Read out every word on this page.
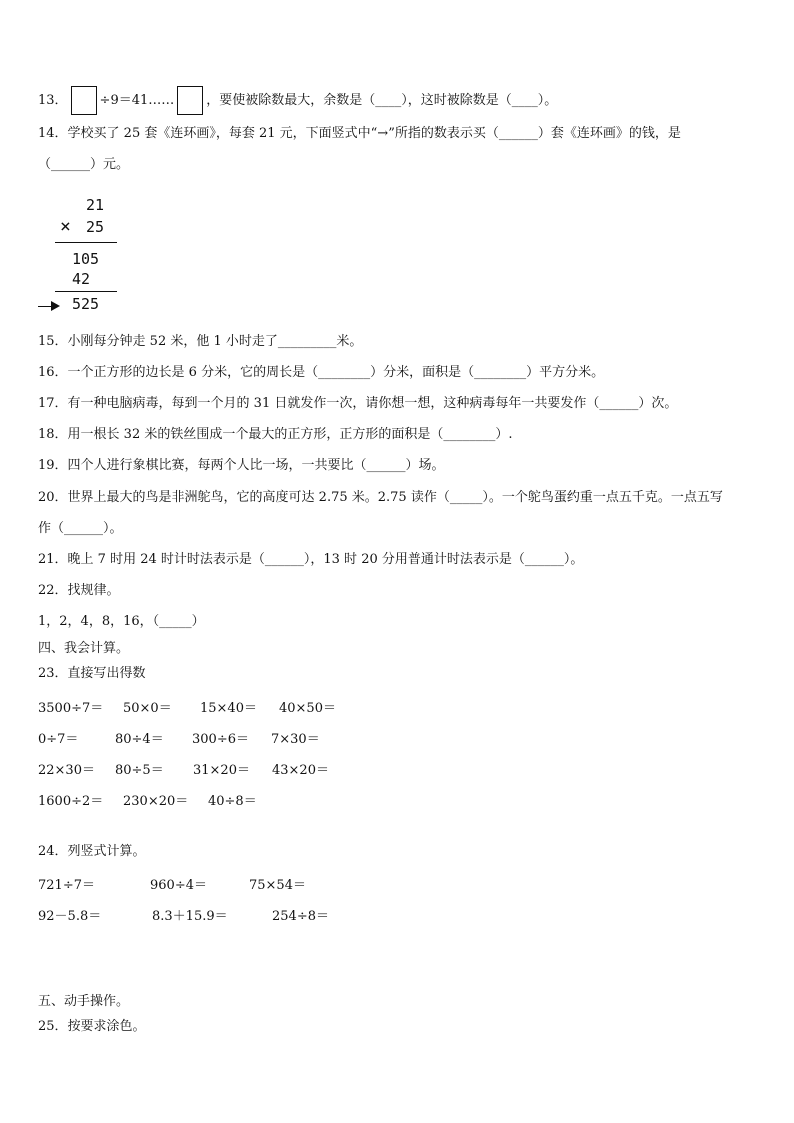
13． ÷9＝41…… ，要使被除数最大，余数是（____），这时被除数是（____）。
14．学校买了 25 套《连环画》，每套 21 元，下面竖式中“→”所指的数表示买（______）套《连环画》的钱，是
（______）元。
21
× 25
105
42
525
15．小刚每分钟走 52 米，他 1 小时走了_________米。
16．一个正方形的边长是 6 分米，它的周长是（________）分米，面积是（________）平方分米。
17．有一种电脑病毒，每到一个月的 31 日就发作一次，请你想一想，这种病毒每年一共要发作（______）次。
18．用一根长 32 米的铁丝围成一个最大的正方形，正方形的面积是（________）.
19．四个人进行象棋比赛，每两个人比一场，一共要比（______）场。
20．世界上最大的鸟是非洲鸵鸟，它的高度可达 2.75 米。2.75 读作（_____）。一个鸵鸟蛋约重一点五千克。一点五写
作（______）。
21．晚上 7 时用 24 时计时法表示是（______），13 时 20 分用普通计时法表示是（______）。
22．找规律。
1，2，4，8，16，（_____）
四、我会计算。
23．直接写出得数
3500÷7＝ 50×0＝ 15×40＝ 40×50＝
0÷7＝	80÷4＝ 300÷6＝ 7×30＝
22×30＝ 80÷5＝ 31×20＝ 43×20＝
1600÷2＝ 230×20＝ 40÷8＝
24．列竖式计算。
721÷7＝	960÷4＝	75×54＝
92－5.8＝	8.3＋15.9＝	254÷8＝
五、动手操作。
25．按要求涂色。
